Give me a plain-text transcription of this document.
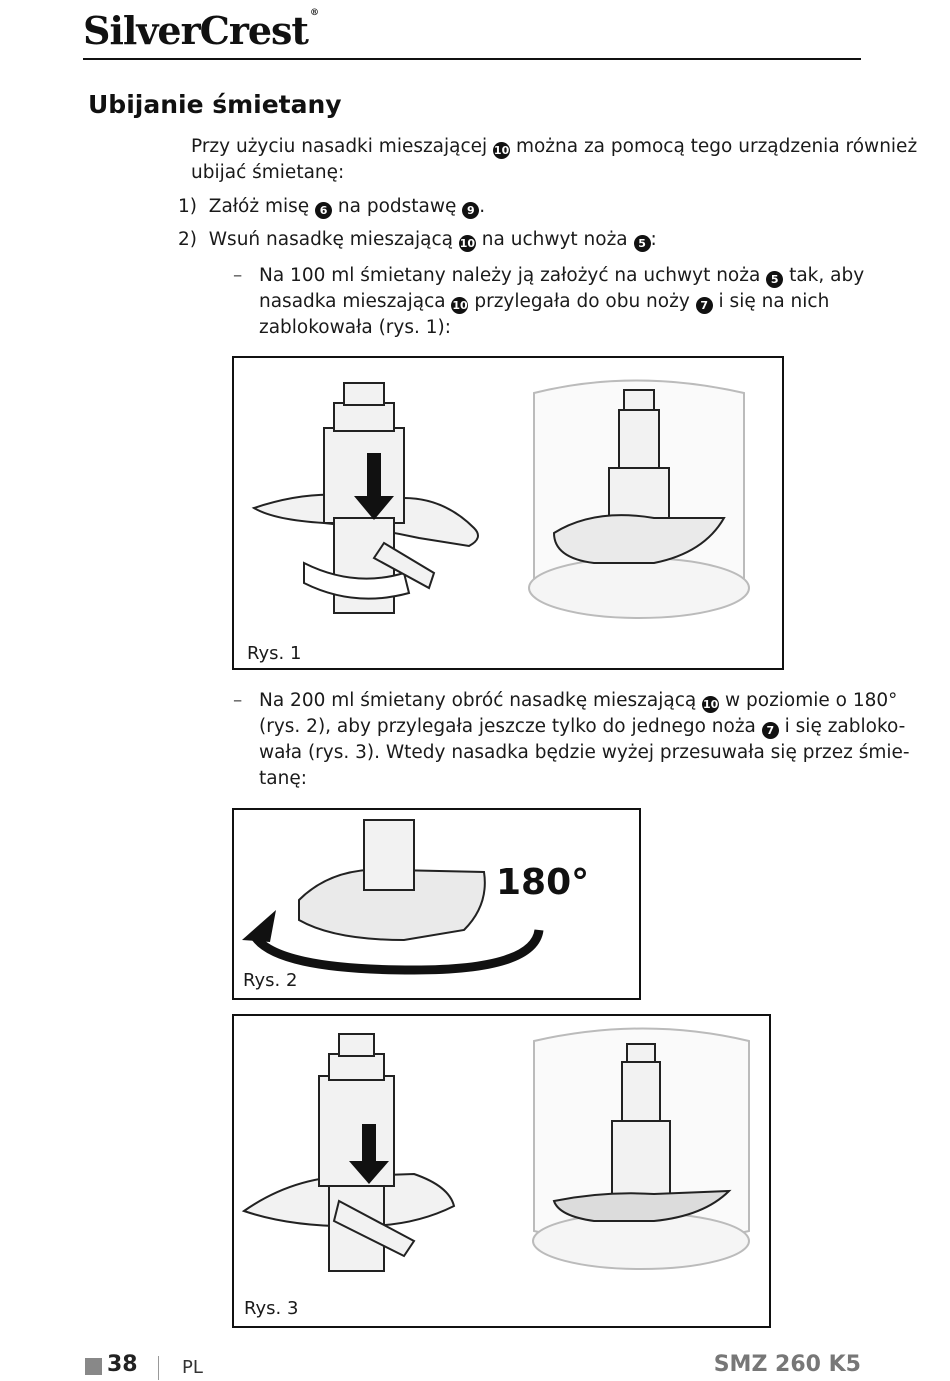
SilverCrest ®
Ubijanie śmietany
Przy użyciu nasadki mieszającej 10 można za pomocą tego urządzenia również
ubijać śmietanę:
1) Załóż misę 6 na podstawę 9 .
2) Wsuń nasadkę mieszającą 10 na uchwyt noża 5 :
– Na 100 ml śmietany należy ją założyć na uchwyt noża 5 tak, aby
nasadka mieszająca 10 przylegała do obu noży 7 i się na nich
zablokowała (rys. 1):
Rys. 1
– Na 200 ml śmietany obróć nasadkę mieszającą 10 w poziomie o 180°
(rys. 2), aby przylegała jeszcze tylko do jednego noża 7 i się zabloko-
wała (rys. 3). Wtedy nasadka będzie wyżej przesuwała się przez śmie-
tanę:
180°
Rys. 2
Rys. 3
38 PL	SMZ 260 K5
